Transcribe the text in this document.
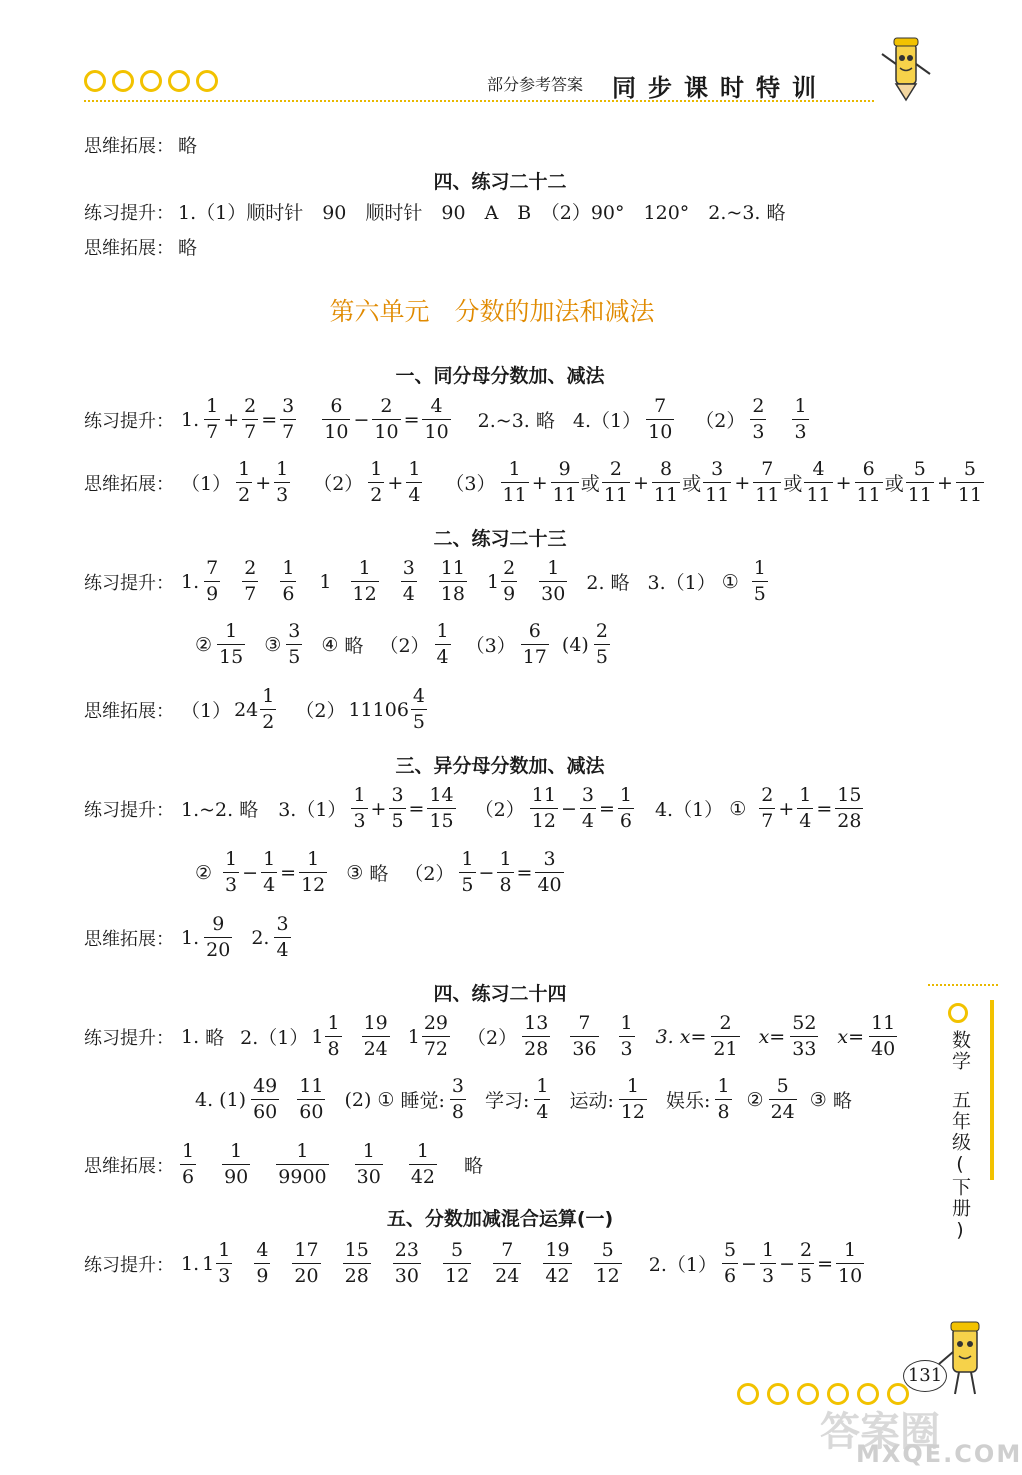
部分参考答案 同步课时特训
思维拓展： 略
四、练习二十二
练习提升： 1.（1）顺时针　90　顺时针　90　A　B　（2）90°　120°　2.~3. 略
思维拓展： 略
第六单元　分数的加法和减法
一、同分母分数加、减法
练习提升： 1.
1
7
+ $\frac{2}{7} = \frac{3}{7} 6$
10
− $\frac{2}{10} = \frac{4}{10}$ 2.~3. 略 4.（1）
7
10 （2）
2
3
1
3
思维拓展： （1）
1
2
+ $\frac{1}{3} (2)$
1
2
+ $\frac{1}{4} (3)$
1
11
+ $\frac{9}{11}$ 或
2
11
+ $\frac{8}{11}$ 或
3
11
+ $\frac{7}{11}$ 或
4
11
+ $\frac{6}{11}$ 或
5
11
+ $\frac{5}{11}$
二、练习二十三
练习提升： 1.
7
9
2
7
1
6
1
1
12
3
4
11
18
1
2
9
1
30 2. 略 3.（1） ①
1
5
②
1
15
③
3
5
④ 略 （2）
1
4 （3）
6
17
(4)
2
5
思维拓展： （1） 24
1
2 （2） 11106
4
5
三、异分母分数加、减法
练习提升： 1.~2. 略 3.（1）
1
3
+ $\frac{3}{5} = \frac{14}{15} (2)$
11
12
− $\frac{3}{4} = \frac{1}{6} 4.(1)$ ①
2
7
+ $\frac{1}{4} = \frac{15}{28}$
②
1
3
− $\frac{1}{4} = \frac{1}{12}$ ③ 略 （2）
1
5
− $\frac{1}{8} = \frac{3}{40}$
思维拓展： 1.
9
20
2.
3
4
四、练习二十四
练习提升： 1. 略 2.（1） 1
1
8
19
24
1
29
72 （2）
13
28
7
36
1
3
3. $x= \frac{2}{21} x= \frac{52}{33} x= \frac{11}{40}$
4. (1)
49
60
11
60
(2) ① 睡觉:
3
8 学习:
1
4 运动:
1
12 娱乐:
1
8
②
5
24
③ 略
思维拓展：
1
6
1
90
1
9900
1
30
1
42 略
五、分数加减混合运算(一)
练习提升： 1. 1
1
3
4
9
17
20
15
28
23
30
5
12
7
24
19
42
5
12 2.（1）
5
6
− $\frac{1}{3} - \frac{2}{5} = \frac{1}{10}$
数学
五年级(下册)
131
答案圈
MXQE.COM
